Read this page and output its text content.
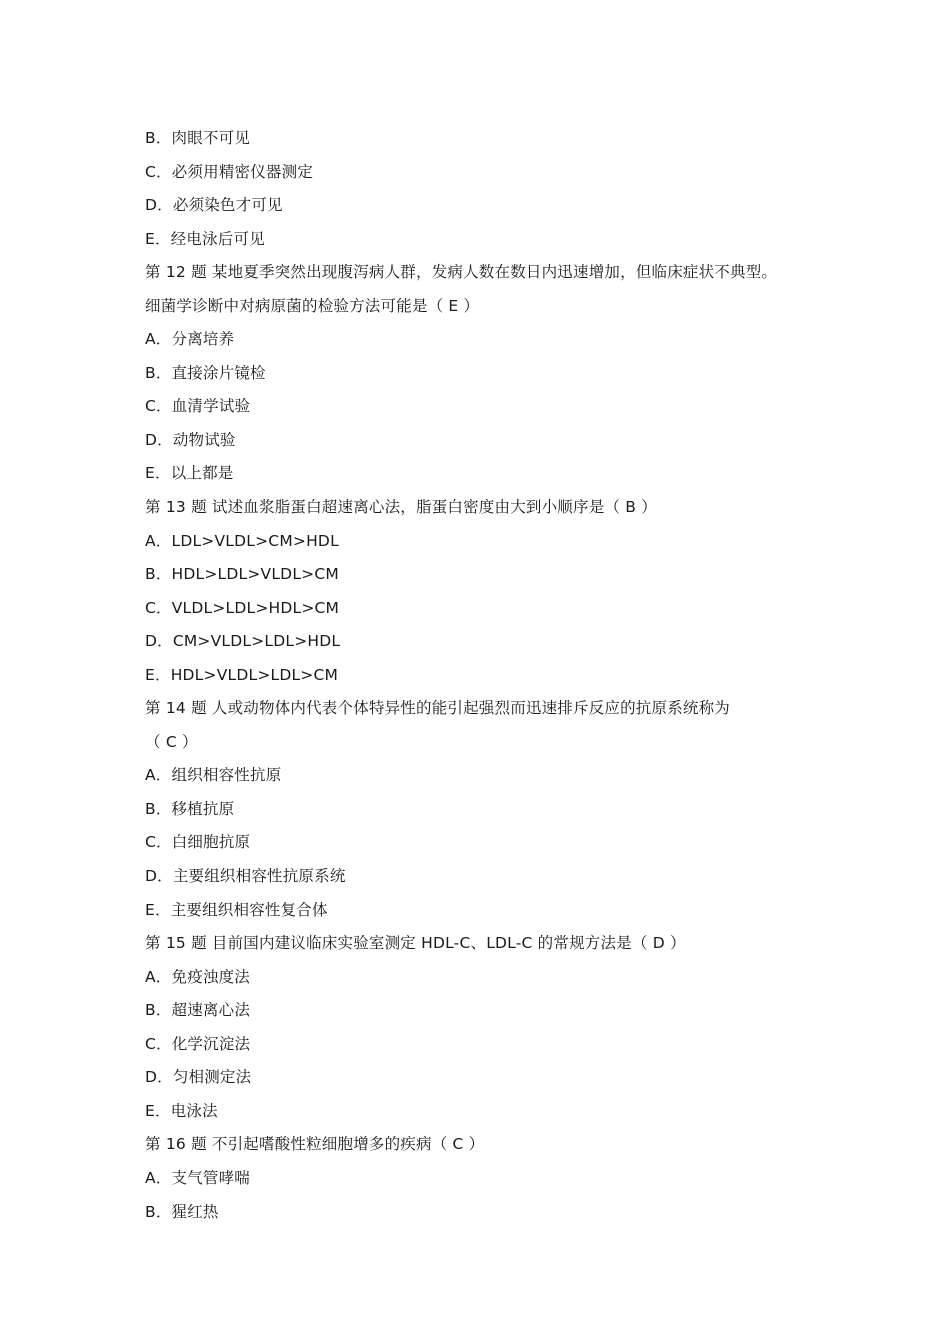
B．肉眼不可见
C．必须用精密仪器测定
D．必须染色才可见
E．经电泳后可见
第 12 题 某地夏季突然出现腹泻病人群，发病人数在数日内迅速增加，但临床症状不典型。
细菌学诊断中对病原菌的检验方法可能是（ E ）
A．分离培养
B．直接涂片镜检
C．血清学试验
D．动物试验
E．以上都是
第 13 题 试述血浆脂蛋白超速离心法，脂蛋白密度由大到小顺序是（ B ）
A．LDL>VLDL>CM>HDL
B．HDL>LDL>VLDL>CM
C．VLDL>LDL>HDL>CM
D．CM>VLDL>LDL>HDL
E．HDL>VLDL>LDL>CM
第 14 题 人或动物体内代表个体特异性的能引起强烈而迅速排斥反应的抗原系统称为
（ C ）
A．组织相容性抗原
B．移植抗原
C．白细胞抗原
D．主要组织相容性抗原系统
E．主要组织相容性复合体
第 15 题 目前国内建议临床实验室测定 HDL-C、LDL-C 的常规方法是（ D ）
A．免疫浊度法
B．超速离心法
C．化学沉淀法
D．匀相测定法
E．电泳法
第 16 题 不引起嗜酸性粒细胞增多的疾病（ C ）
A．支气管哮喘
B．猩红热
